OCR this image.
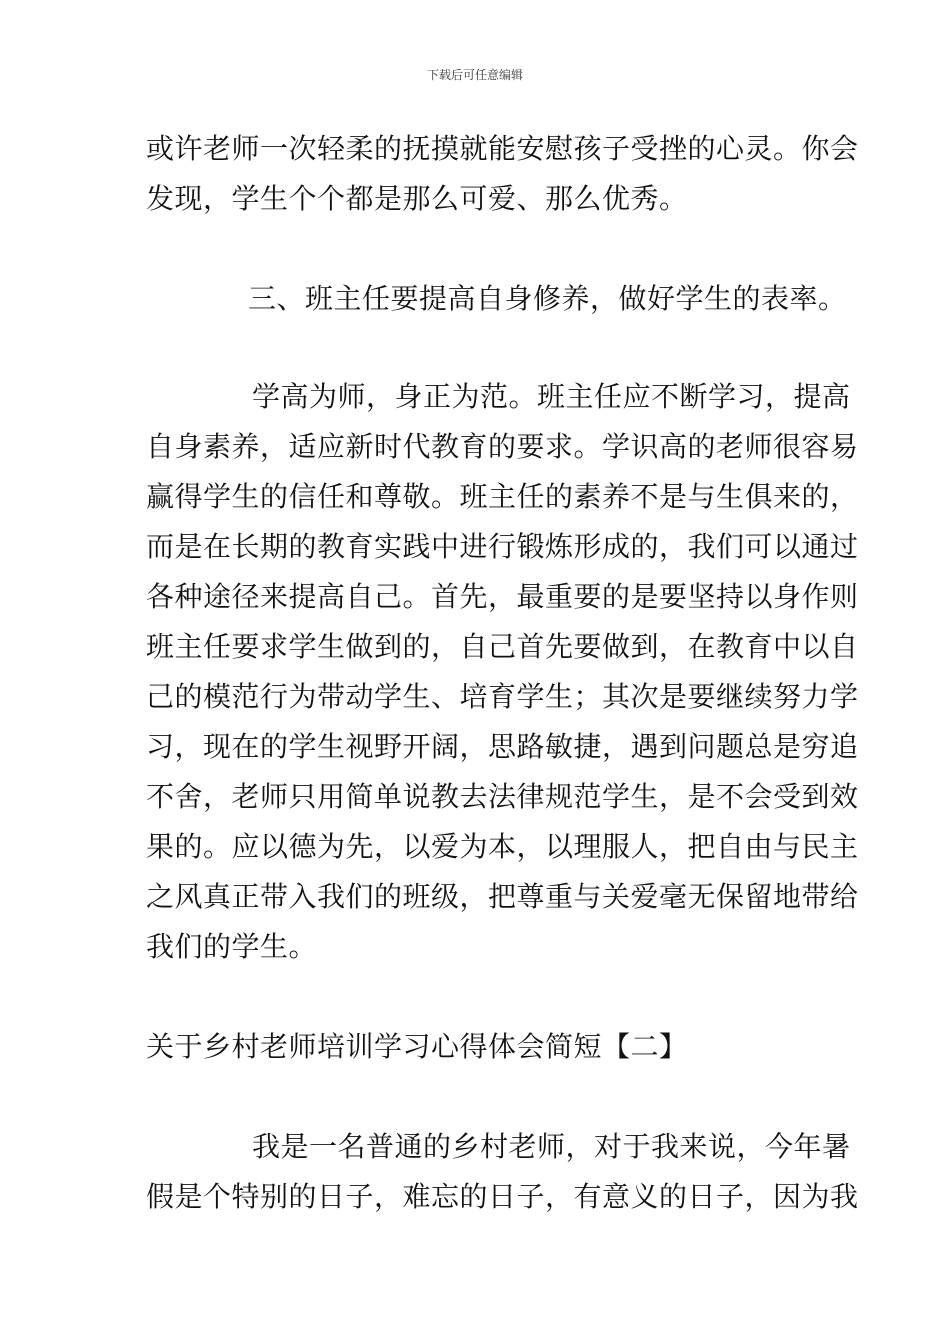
下载后可任意编辑
或许老师一次轻柔的抚摸就能安慰孩子受挫的心灵。你会
发现，学生个个都是那么可爱、那么优秀。
三、班主任要提高自身修养，做好学生的表率。
学高为师，身正为范。班主任应不断学习，提高
自身素养，适应新时代教育的要求。学识高的老师很容易
赢得学生的信任和尊敬。班主任的素养不是与生俱来的，
而是在长期的教育实践中进行锻炼形成的，我们可以通过
各种途径来提高自己。首先，最重要的是要坚持以身作则
班主任要求学生做到的，自己首先要做到，在教育中以自
己的模范行为带动学生、培育学生；其次是要继续努力学
习，现在的学生视野开阔，思路敏捷，遇到问题总是穷追
不舍，老师只用简单说教去法律规范学生，是不会受到效
果的。应以德为先，以爱为本，以理服人，把自由与民主
之风真正带入我们的班级，把尊重与关爱毫无保留地带给
我们的学生。
关于乡村老师培训学习心得体会简短【二】
我是一名普通的乡村老师，对于我来说，今年暑
假是个特别的日子，难忘的日子，有意义的日子，因为我
